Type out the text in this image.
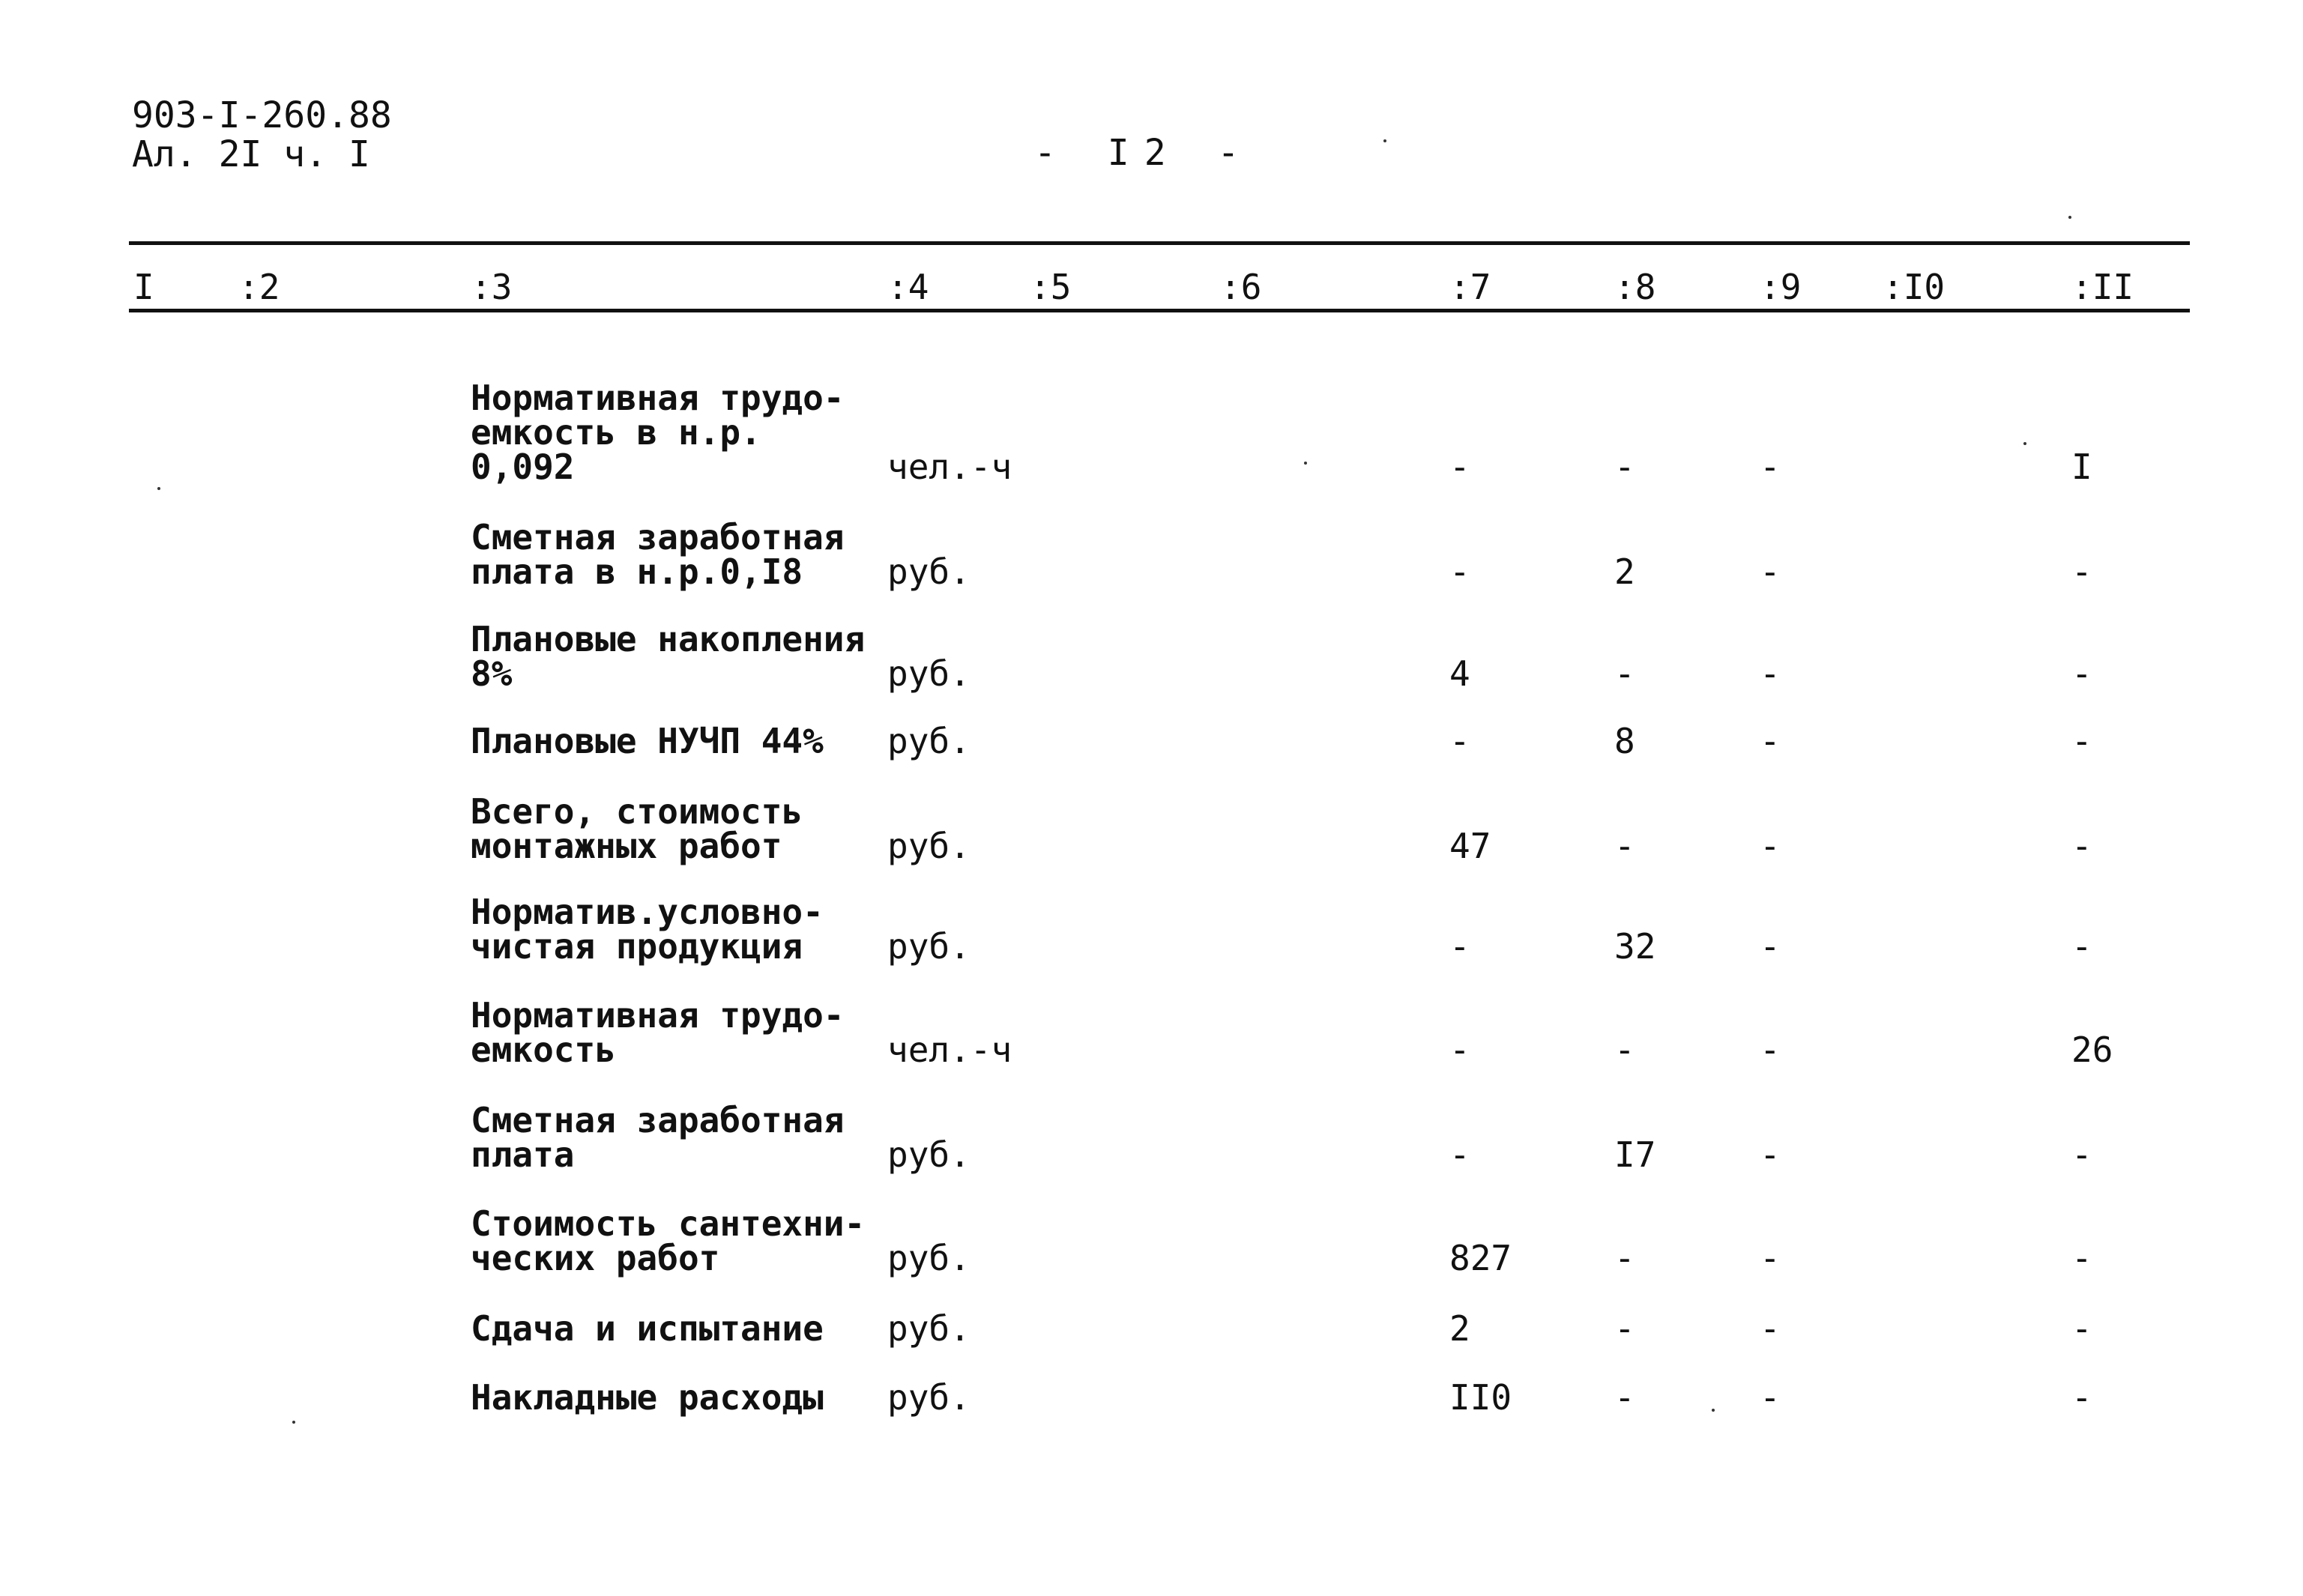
903-I-260.88
Ал. 2I ч. I	- I2 -
I :2	:3	:4	:5	:6	:7	:8	:9 :I0	:II
Нормативная трудо-
емкость в н.р.
0,092	чел.-ч	-	-	-	I
Сметная заработная
плата в н.р.0,I8 руб.	-	2	-	-
Плановые накопления
8%	руб.	4	-	-	-
Плановые НУЧП 44% руб.	-	8	-	-
Всего, стоимость
монтажных работ	руб.	47	-	-	-
Норматив.условно-
чистая продукция руб.	-	32	-	-
Нормативная трудо-
емкость	чел.-ч	-	-	-	26
Сметная заработная
плата	руб.	-	I7	-	-
Стоимость сантехни-
ческих работ	руб.	827	-	-	-
Сдача и испытание руб.	2	-	-	-
Накладные расходы руб.	II0	-	-	-
